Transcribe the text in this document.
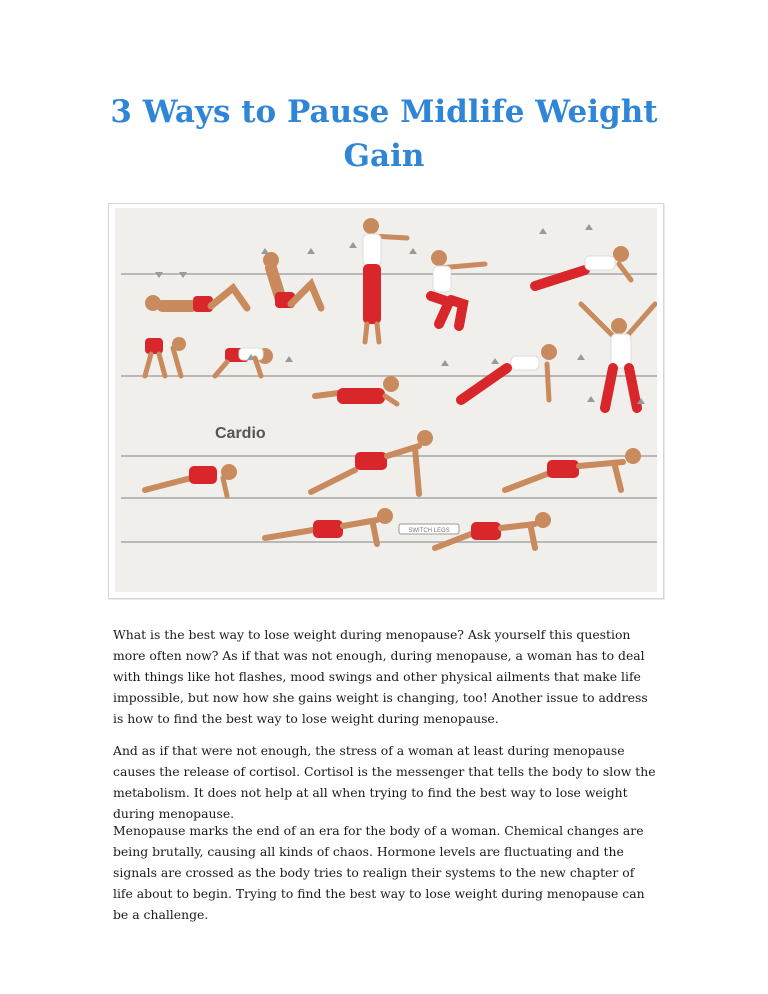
3 Ways to Pause Midlife Weight Gain
Cardio
SWITCH LEGS

What is the best way to lose weight during menopause? Ask yourself this question more often now? As if that was not enough, during menopause, a woman has to deal with things like hot flashes, mood swings and other physical ailments that make life impossible, but now how she gains weight is changing, too! Another issue to address is how to find the best way to lose weight during menopause.

And as if that were not enough, the stress of a woman at least during menopause causes the release of cortisol. Cortisol is the messenger that tells the body to slow the metabolism. It does not help at all when trying to find the best way to lose weight during menopause.

Menopause marks the end of an era for the body of a woman. Chemical changes are being brutally, causing all kinds of chaos. Hormone levels are fluctuating and the signals are crossed as the body tries to realign their systems to the new chapter of life about to begin. Trying to find the best way to lose weight during menopause can be a challenge.
